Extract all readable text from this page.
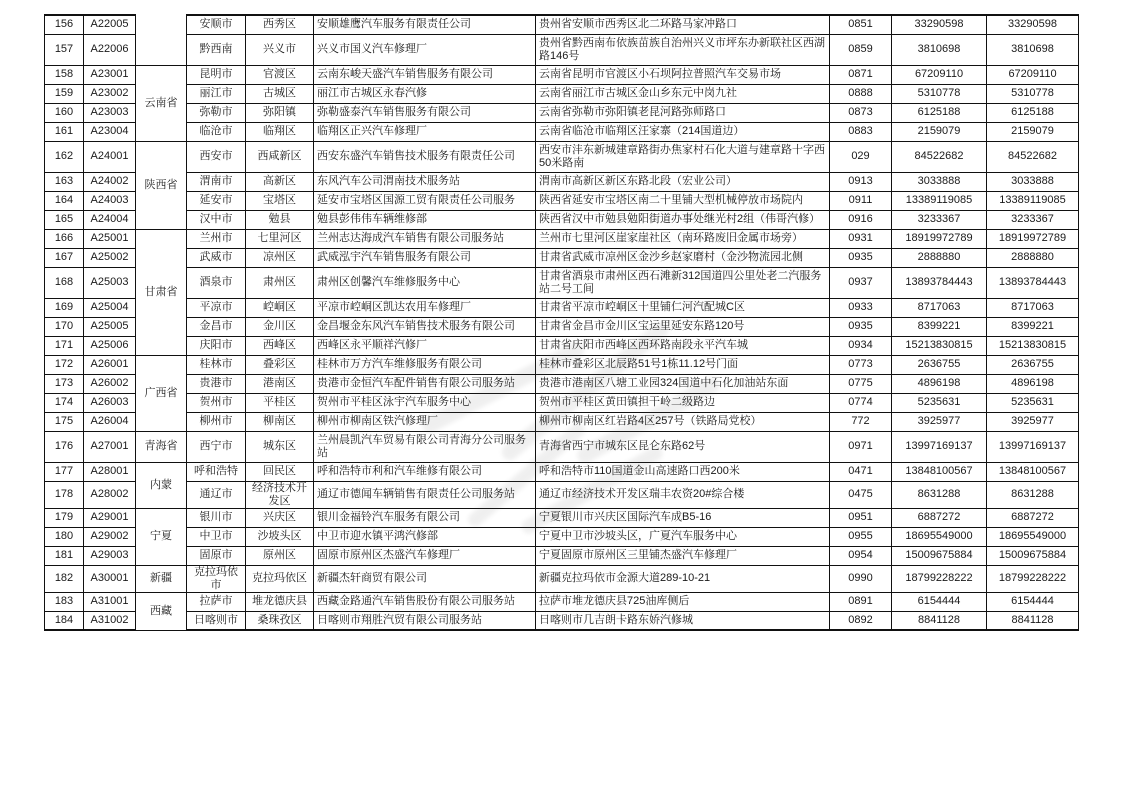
156	A22005		安顺市	西秀区	安顺雄鹰汽车服务有限责任公司	贵州省安顺市西秀区北二环路马家冲路口	0851	33290598	33290598
157	A22006		黔西南	兴义市	兴义市国义汽车修理厂	贵州省黔西南布依族苗族自治州兴义市坪东办新联社区西湖路146号	0859	3810698	3810698
158	A23001	云南省	昆明市	官渡区	云南东峻天盛汽车销售服务有限公司	云南省昆明市官渡区小石坝阿拉普照汽车交易市场	0871	67209110	67209110
159	A23002		丽江市	古城区	丽江市古城区永春汽修	云南省丽江市古城区金山乡东元中岗九社	0888	5310778	5310778
160	A23003		弥勒市	弥阳镇	弥勒盛泰汽车销售服务有限公司	云南省弥勒市弥阳镇老昆河路弥师路口	0873	6125188	6125188
161	A23004		临沧市	临翔区	临翔区正兴汽车修理厂	云南省临沧市临翔区汪家寨（214国道边）	0883	2159079	2159079
162	A24001	陕西省	西安市	西咸新区	西安东盛汽车销售技术服务有限责任公司	西安市沣东新城建章路街办焦家村石化大道与建章路十字西50米路南	029	84522682	84522682
163	A24002		渭南市	高新区	东风汽车公司渭南技术服务站	渭南市高新区新区东路北段（宏业公司）	0913	3033888	3033888
164	A24003		延安市	宝塔区	延安市宝塔区国源工贸有限责任公司服务	陕西省延安市宝塔区南二十里铺大型机械停放市场院内	0911	13389119085	13389119085
165	A24004		汉中市	勉县	勉县彭伟伟车辆维修部	陕西省汉中市勉县勉阳街道办事处继光村2组（伟哥汽修）	0916	3233367	3233367
166	A25001	甘肃省	兰州市	七里河区	兰州志达海成汽车销售有限公司服务站	兰州市七里河区崖家崖社区（南环路废旧金属市场旁）	0931	18919972789	18919972789
167	A25002		武威市	凉州区	武威泓宇汽车销售服务有限公司	甘肃省武威市凉州区金沙乡赵家磨村（金沙物流园北侧	0935	2888880	2888880
168	A25003		酒泉市	肃州区	肃州区创馨汽车维修服务中心	甘肃省酒泉市肃州区西石滩新312国道四公里处老二汽服务站二号工间	0937	13893784443	13893784443
169	A25004		平凉市	崆峒区	平凉市崆峒区凯达农用车修理厂	甘肃省平凉市崆峒区十里铺仁河汽配城C区	0933	8717063	8717063
170	A25005		金昌市	金川区	金昌堰金东风汽车销售技术服务有限公司	甘肃省金昌市金川区宝运里延安东路120号	0935	8399221	8399221
171	A25006		庆阳市	西峰区	西峰区永平顺祥汽修厂	甘肃省庆阳市西峰区西环路南段永平汽车城	0934	15213830815	15213830815
172	A26001	广西省	桂林市	叠彩区	桂林市万方汽车维修服务有限公司	桂林市叠彩区北辰路51号1栋11.12号门面	0773	2636755	2636755
173	A26002		贵港市	港南区	贵港市金恒汽车配件销售有限公司服务站	贵港市港南区八塘工业园324国道中石化加油站东面	0775	4896198	4896198
174	A26003		贺州市	平桂区	贺州市平桂区泳宇汽车服务中心	贺州市平桂区黄田镇担干岭二级路边	0774	5235631	5235631
175	A26004		柳州市	柳南区	柳州市柳南区铁汽修理厂	柳州市柳南区红岩路4区257号（铁路局党校）	772	3925977	3925977
176	A27001	青海省	西宁市	城东区	兰州晨凯汽车贸易有限公司青海分公司服务站	青海省西宁市城东区昆仑东路62号	0971	13997169137	13997169137
177	A28001	内蒙	呼和浩特	回民区	呼和浩特市利和汽车维修有限公司	呼和浩特市110国道金山高速路口西200米	0471	13848100567	13848100567
178	A28002		通辽市	经济技术开发区	通辽市德闻车辆销售有限责任公司服务站	通辽市经济技术开发区瑞丰农资20#综合楼	0475	8631288	8631288
179	A29001	宁夏	银川市	兴庆区	银川金福铃汽车服务有限公司	宁夏银川市兴庆区国际汽车成B5-16	0951	6887272	6887272
180	A29002		中卫市	沙坡头区	中卫市迎水镇平鸿汽修部	宁夏中卫市沙坡头区，广夏汽车服务中心	0955	18695549000	18695549000
181	A29003		固原市	原州区	固原市原州区杰盛汽车修理厂	宁夏固原市原州区三里铺杰盛汽车修理厂	0954	15009675884	15009675884
182	A30001	新疆	克拉玛依市	克拉玛依区	新疆杰轩商贸有限公司	新疆克拉玛依市金源大道289-10-21	0990	18799228222	18799228222
183	A31001	西藏	拉萨市	堆龙德庆县	西藏金路通汽车销售股份有限公司服务站	拉萨市堆龙德庆县725油库侧后	0891	6154444	6154444
184	A31002		日喀则市	桑珠孜区	日喀则市翔胜汽贸有限公司服务站	日喀则市几吉朗卡路东娇汽修城	0892	8841128	8841128
